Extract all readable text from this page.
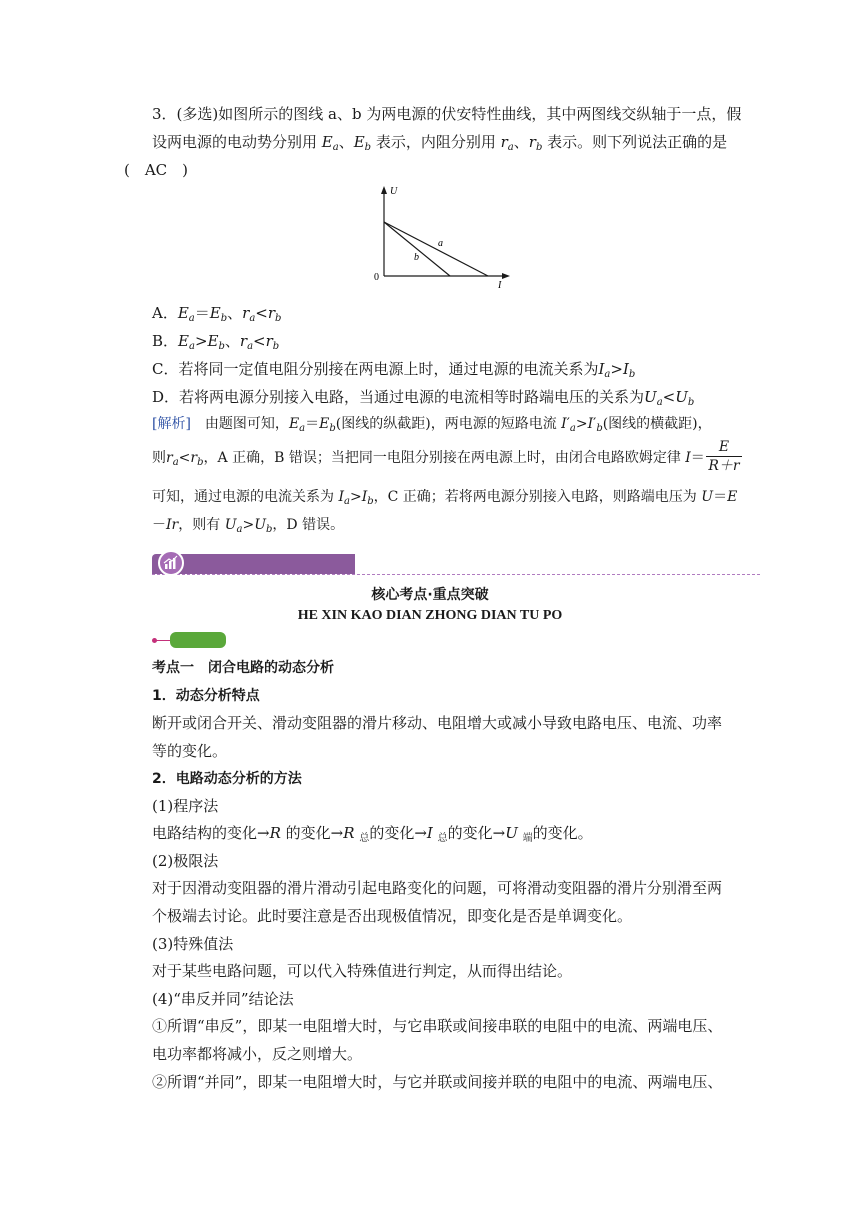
3．(多选)如图所示的图线 a、b 为两电源的伏安特性曲线，其中两图线交纵轴于一点，假
设两电源的电动势分别用 $E_a$、$E_b$ 表示，内阻分别用 $r_a$、$r_b$ 表示。则下列说法正确的是
(　AC　)
U
I
0
a
b
A．$E_a=E_b$、$r_a<r_b$
B．$E_a>E_b$、$r_a<r_b$
C．若将同一定值电阻分别接在两电源上时，通过电源的电流关系为$I_a>I_b$
D．若将两电源分别接入电路，当通过电源的电流相等时路端电压的关系为$U_a<U_b$
[解析]　由题图可知，$E_a=E_b$(图线的纵截距)，两电源的短路电流 $I'_a>I'_b$(图线的横截距)，
则$r_a<r_b$，A 正确，B 错误；当把同一电阻分别接在两电源上时，由闭合电路欧姆定律 $I= \frac{E}{R+r}$
可知，通过电源的电流关系为 $I_a>I_b$，C 正确；若将两电源分别接入电路，则路端电压为 U＝E
－Ir，则有 $U_a>U_b$，D 错误。
核心考点·重点突破
HE XIN KAO DIAN ZHONG DIAN TU PO
考点一　闭合电路的动态分析
1．动态分析特点
断开或闭合开关、滑动变阻器的滑片移动、电阻增大或减小导致电路电压、电流、功率
等的变化。
2．电路动态分析的方法
(1)程序法
电路结构的变化→R 的变化→R $_总$的变化→I $_总$的变化→U $_端$的变化。
(2)极限法
对于因滑动变阻器的滑片滑动引起电路变化的问题，可将滑动变阻器的滑片分别滑至两
个极端去讨论。此时要注意是否出现极值情况，即变化是否是单调变化。
(3)特殊值法
对于某些电路问题，可以代入特殊值进行判定，从而得出结论。
(4)“串反并同”结论法
①所谓“串反”，即某一电阻增大时，与它串联或间接串联的电阻中的电流、两端电压、
电功率都将减小，反之则增大。
②所谓“并同”，即某一电阻增大时，与它并联或间接并联的电阻中的电流、两端电压、
